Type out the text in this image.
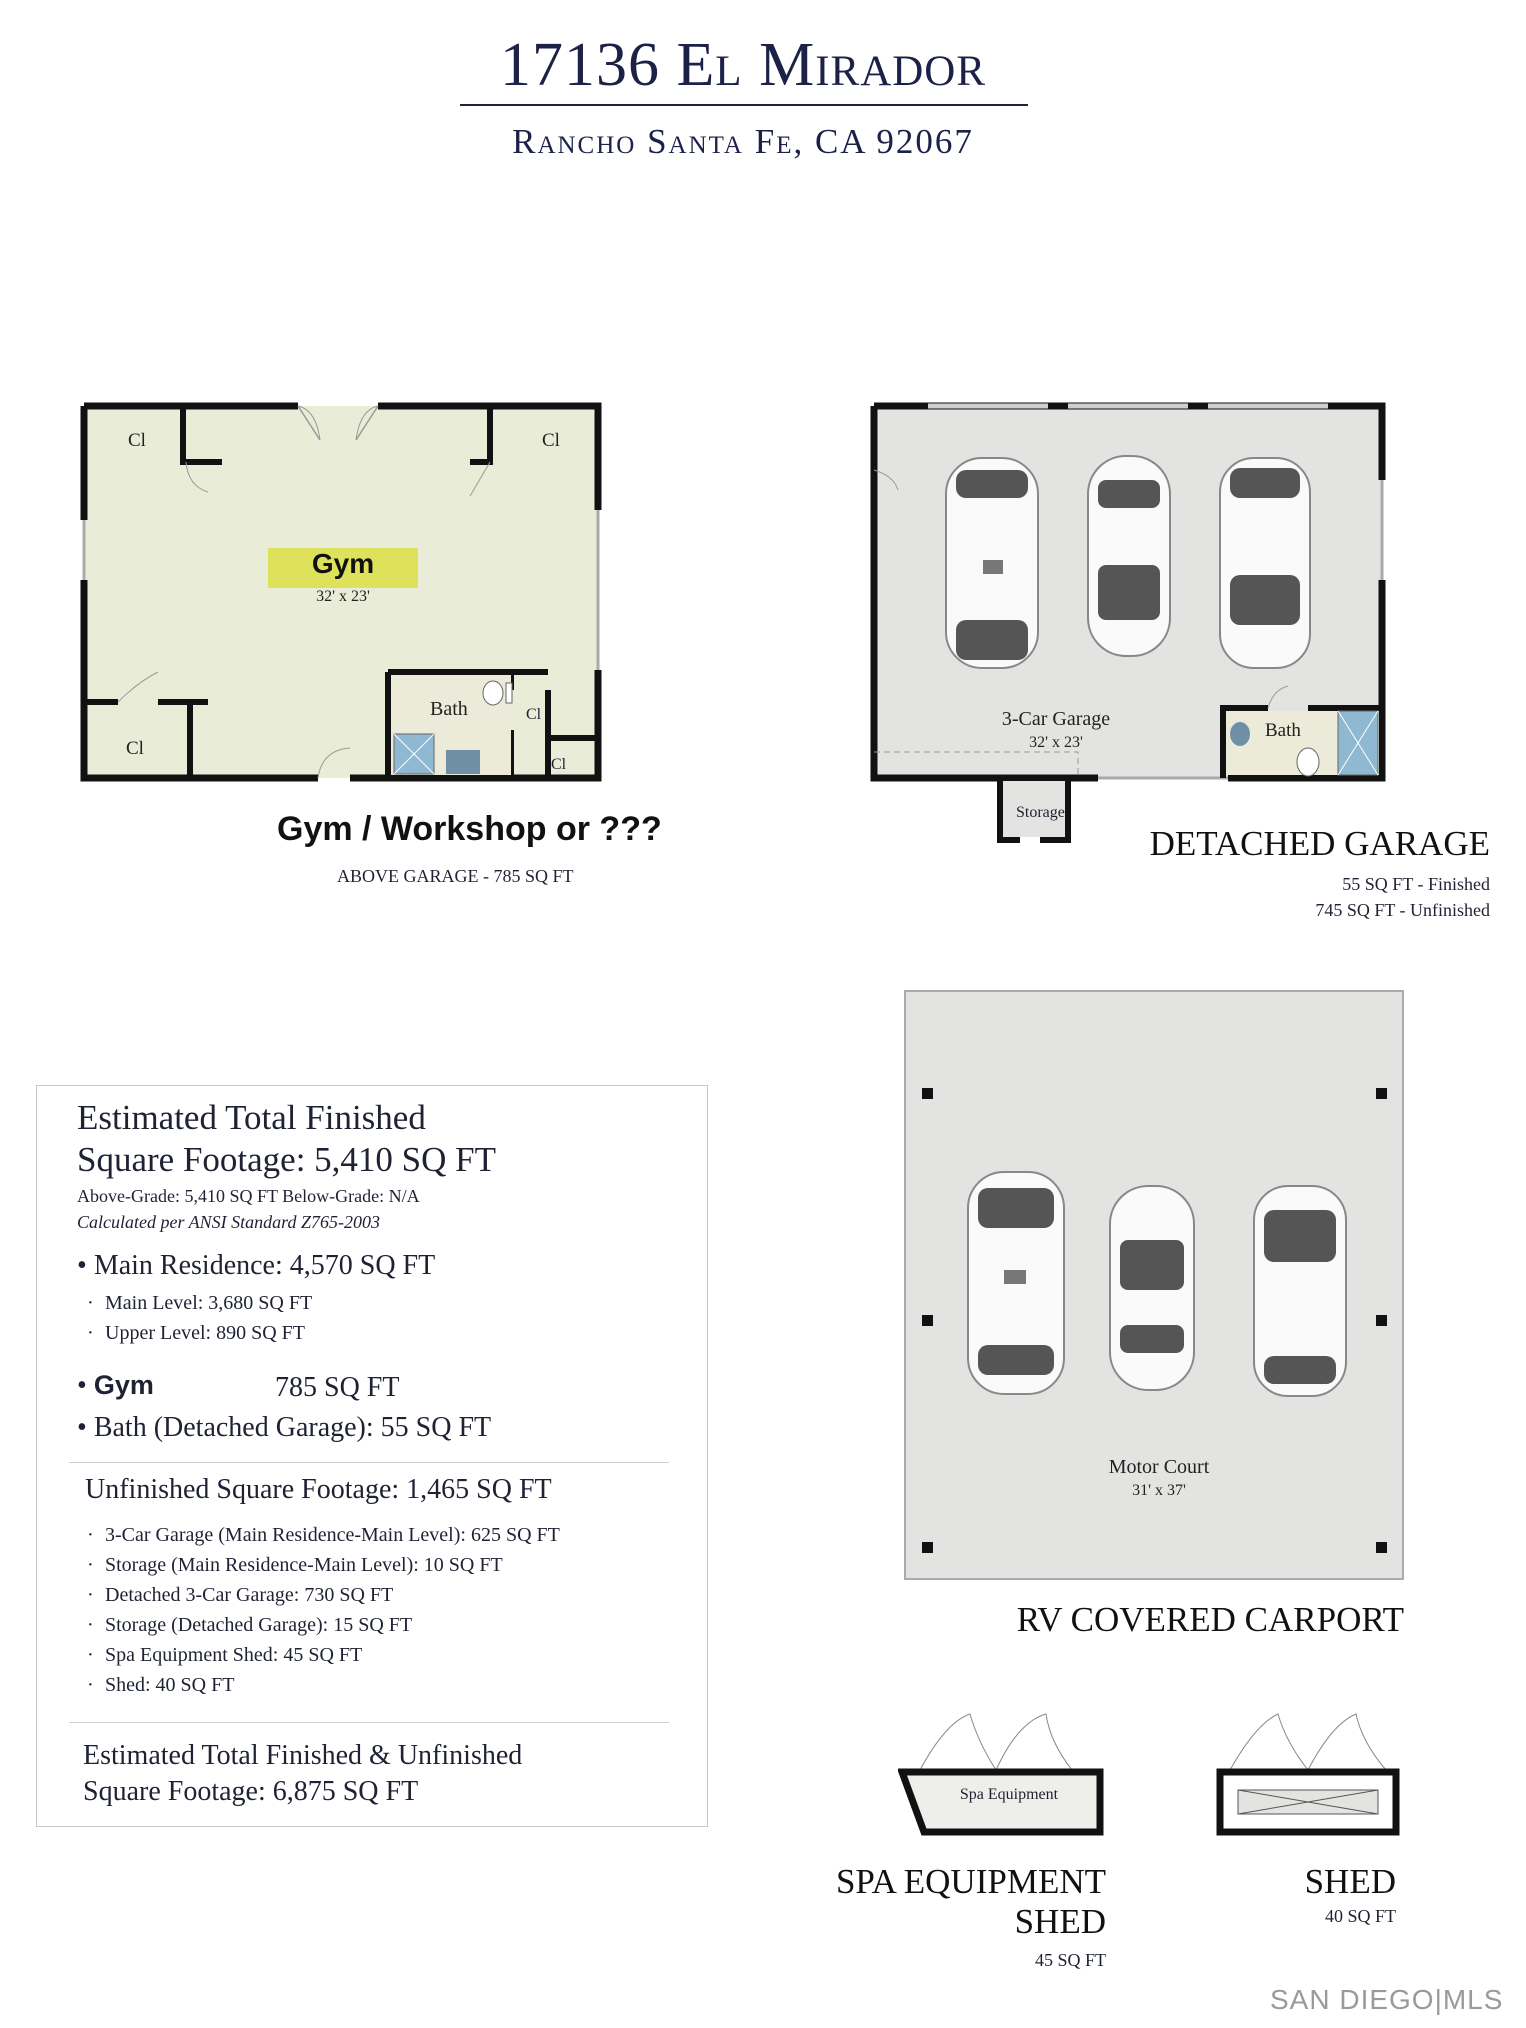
17136 El Mirador
Rancho Santa Fe, CA 92067
Gym
32' x 23'
Cl	Cl
Cl
Cl
Cl
Bath
Gym / Workshop or ???
ABOVE GARAGE - 785 SQ FT
3-Car Garage
32' x 23'
Bath
Storage
DETACHED GARAGE
55 SQ FT - Finished
745 SQ FT - Unfinished
Motor Court
31' x 37'
RV COVERED CARPORT
Spa Equipment
SPA EQUIPMENT
SHED
45 SQ FT
SHED
40 SQ FT
Estimated Total Finished
Square Footage: 5,410 SQ FT
Above-Grade: 5,410 SQ FT Below-Grade: N/A
Calculated per ANSI Standard Z765-2003
• Main Residence: 4,570 SQ FT
· Main Level: 3,680 SQ FT
· Upper Level: 890 SQ FT
• Gym	785 SQ FT
• Bath (Detached Garage): 55 SQ FT
Unfinished Square Footage: 1,465 SQ FT
· 3-Car Garage (Main Residence-Main Level): 625 SQ FT
· Storage (Main Residence-Main Level): 10 SQ FT
· Detached 3-Car Garage: 730 SQ FT
· Storage (Detached Garage): 15 SQ FT
· Spa Equipment Shed: 45 SQ FT
· Shed: 40 SQ FT
Estimated Total Finished & Unfinished
Square Footage: 6,875 SQ FT
SAN DIEGO|MLS
